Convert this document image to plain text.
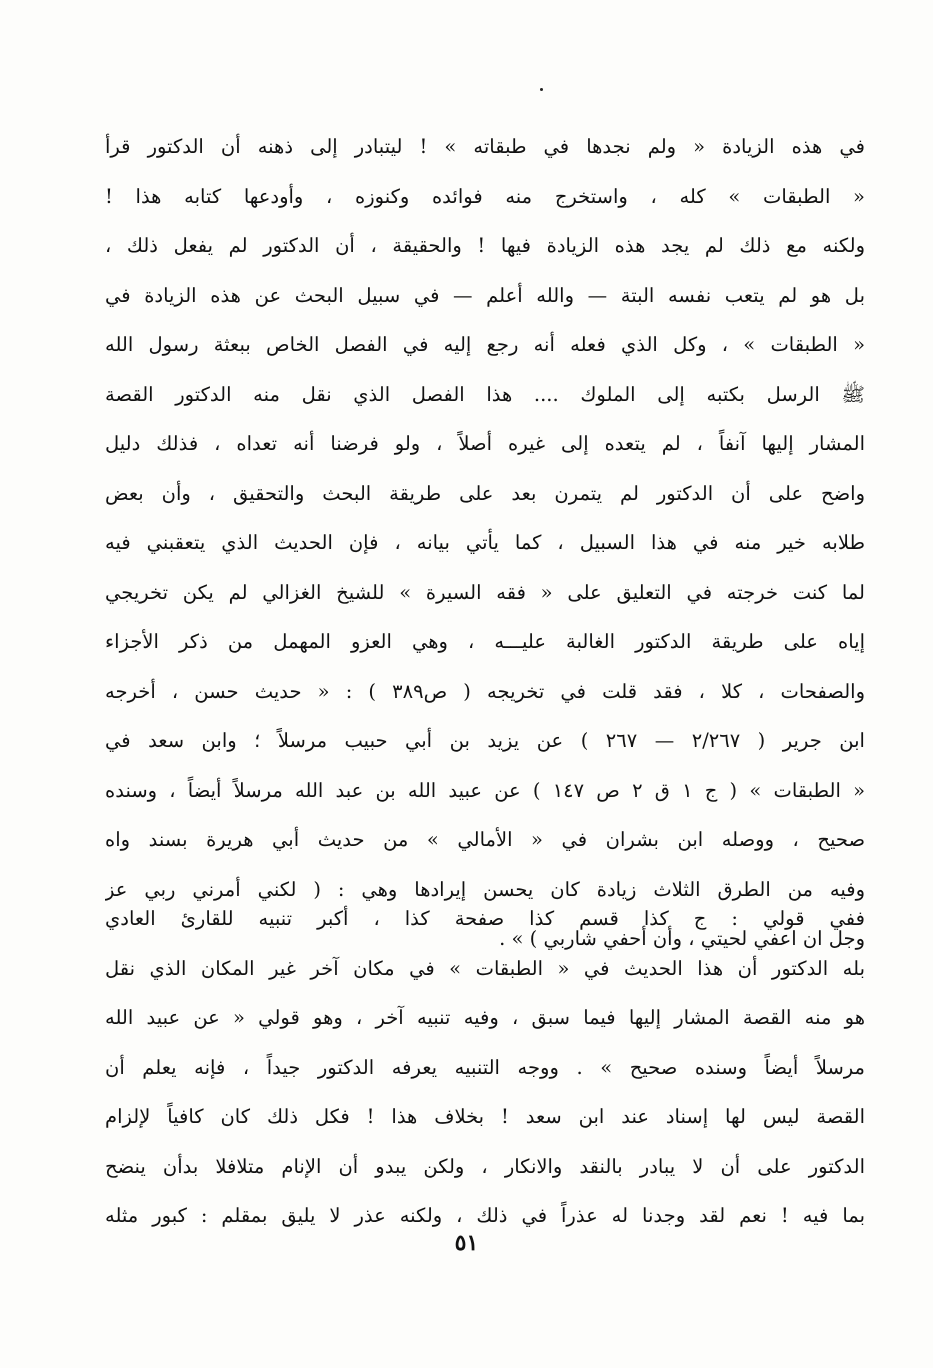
في هذه الزيادة « ولم نجدها في طبقاته » ! ليتبادر إلى ذهنه أن الدكتور قرأ
« الطبقات » كله ، واستخرج منه فوائده وكنوزه ، وأودعها كتابه هذا !
ولكنه مع ذلك لم يجد هذه الزيادة فيها ! والحقيقة ، أن الدكتور لم يفعل ذلك ،
بل هو لم يتعب نفسه البتة — والله أعلم — في سبيل البحث عن هذه الزيادة في
« الطبقات » ، وكل الذي فعله أنه رجع إليه في الفصل الخاص ببعثة رسول الله
ﷺ الرسل بكتبه إلى الملوك .... هذا الفصل الذي نقل منه الدكتور القصة
المشار إليها آنفاً ، لم يتعده إلى غيره أصلاً ، ولو فرضنا أنه تعداه ، فذلك دليل
واضح على أن الدكتور لم يتمرن بعد على طريقة البحث والتحقيق ، وأن بعض
طلابه خير منه في هذا السبيل ، كما يأتي بيانه ، فإن الحديث الذي يتعقبني فيه
لما كنت خرجته في التعليق على « فقه السيرة » للشيخ الغزالي لم يكن تخريجي
إياه على طريقة الدكتور الغالبة عليـــه ، وهي العزو المهمل من ذكر الأجزاء
والصفحات ، كلا ، فقد قلت في تخريجه ( ص٣٨٩ ) : « حديث حسن ، أخرجه
ابن جرير ( ٢/٢٦٧ — ٢٦٧ ) عن يزيد بن أبي حبيب مرسلاً ؛ وابن سعد في
« الطبقات » ( ج ١ ق ٢ ص ١٤٧ ) عن عبيد الله بن عبد الله مرسلاً أيضاً ، وسنده
صحيح ، ووصله ابن بشران في « الأمالي » من حديث أبي هريرة بسند واه
وفيه من الطرق الثلاث زيادة كان يحسن إيرادها وهي : ( لكني أمرني ربي عز
وجل ان اعفي لحيتي ، وأن أحفي شاربي ) » .
ففي قولي : ج كذا قسم كذا صفحة كذا ، أكبر تنبيه للقارئ العادي
بله الدكتور أن هذا الحديث في « الطبقات » في مكان آخر غير المكان الذي نقل
هو منه القصة المشار إليها فيما سبق ، وفيه تنبيه آخر ، وهو قولي « عن عبيد الله
مرسلاً أيضاً وسنده صحيح » . ووجه التنبيه يعرفه الدكتور جيداً ، فإنه يعلم أن
القصة ليس لها إسناد عند ابن سعد ! بخلاف هذا ! فكل ذلك كان كافياً لإلزام
الدكتور على أن لا يبادر بالنقد والانكار ، ولكن يبدو أن الإنام متلافلا بدأن ينضح
بما فيه ! نعم لقد وجدنا له عذراً في ذلك ، ولكنه عذر لا يليق بمقلم : كبور مثله
٥١
